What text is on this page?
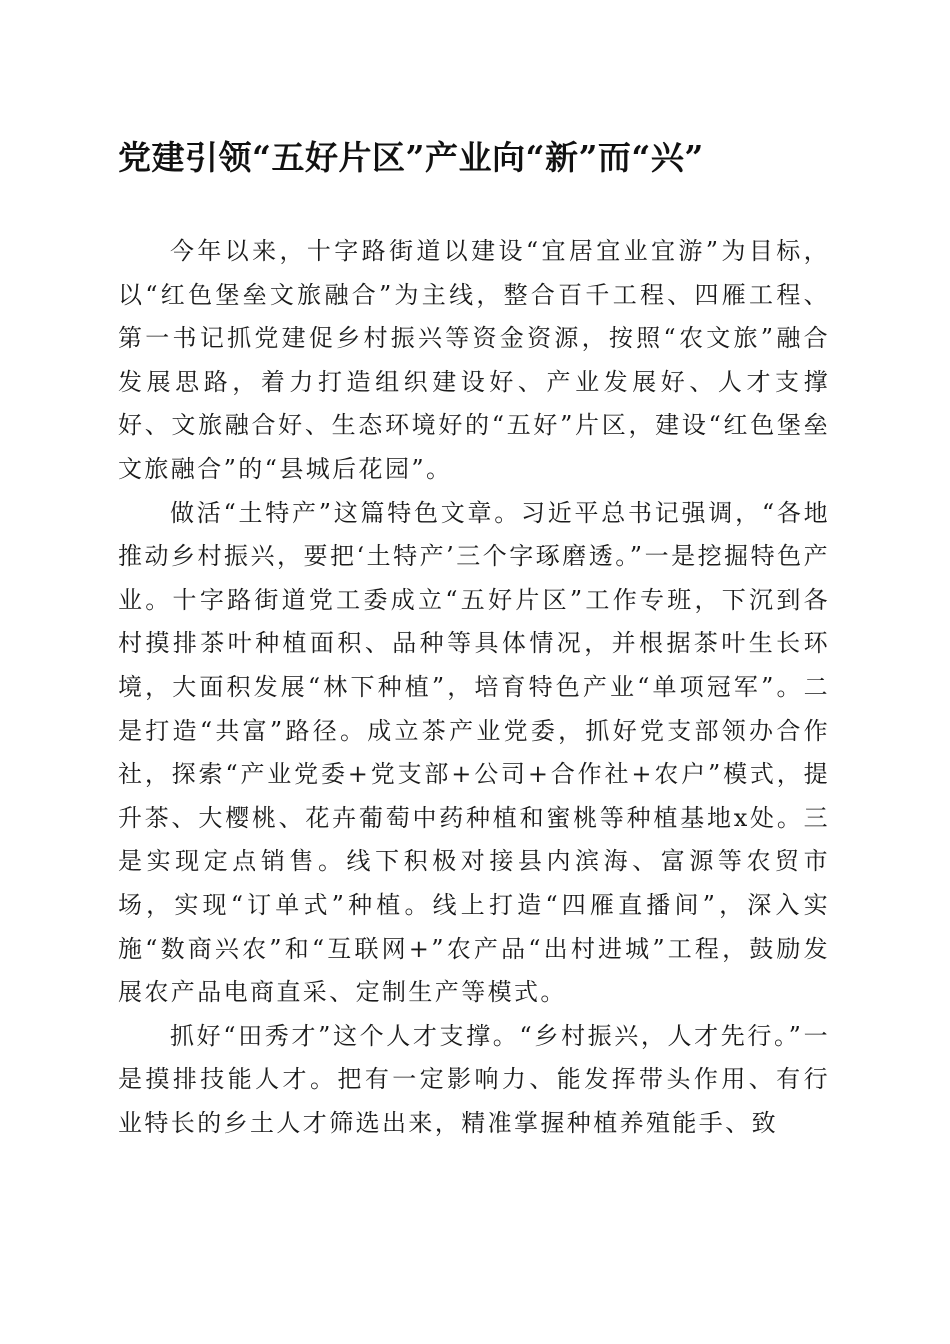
党建引领“五好片区”产业向“新”而“兴”

今年以来，十字路街道以建设“宜居宜业宜游”为目标，以“红色堡垒文旅融合”为主线，整合百千工程、四雁工程、第一书记抓党建促乡村振兴等资金资源，按照“农文旅”融合发展思路，着力打造组织建设好、产业发展好、人才支撑好、文旅融合好、生态环境好的“五好”片区，建设“红色堡垒文旅融合”的“县城后花园”。

做活“土特产”这篇特色文章。习近平总书记强调，“各地推动乡村振兴，要把‘土特产’三个字琢磨透。”一是挖掘特色产业。十字路街道党工委成立“五好片区”工作专班，下沉到各村摸排茶叶种植面积、品种等具体情况，并根据茶叶生长环境，大面积发展“林下种植”，培育特色产业“单项冠军”。二是打造“共富”路径。成立茶产业党委，抓好党支部领办合作社，探索“产业党委+党支部+公司+合作社+农户”模式，提升茶、大樱桃、花卉葡萄中药种植和蜜桃等种植基地x处。三是实现定点销售。线下积极对接县内滨海、富源等农贸市场，实现“订单式”种植。线上打造“四雁直播间”，深入实施“数商兴农”和“互联网+”农产品“出村进城”工程，鼓励发展农产品电商直采、定制生产等模式。

抓好“田秀才”这个人才支撑。“乡村振兴，人才先行。”一是摸排技能人才。把有一定影响力、能发挥带头作用、有行业特长的乡土人才筛选出来，精准掌握种植养殖能手、致
